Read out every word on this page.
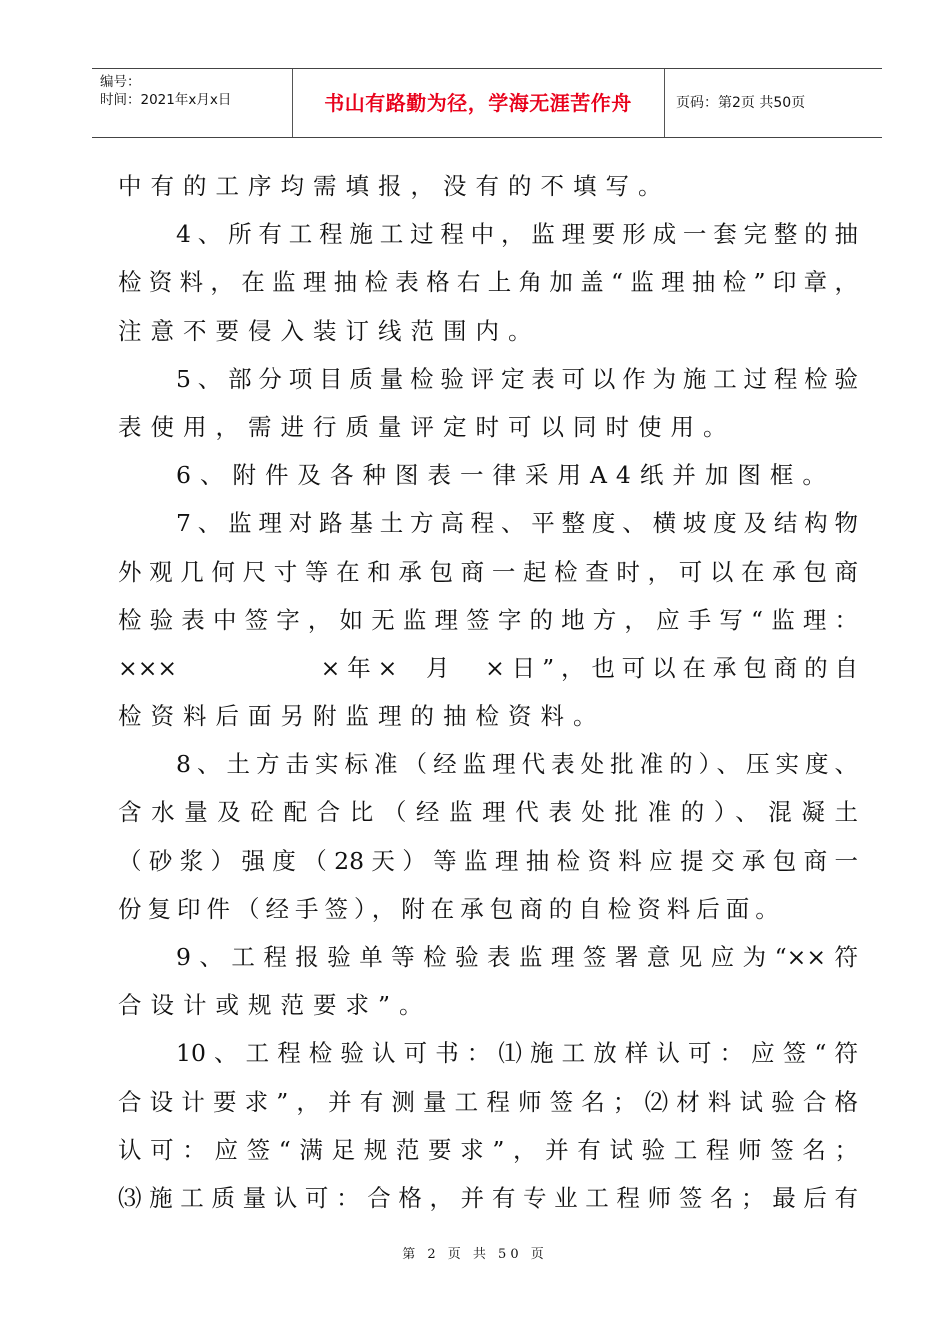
编号：
时间：2021年x月x日	书山有路勤为径，学海无涯苦作舟	页码：第2页 共50页
中有的工序均需填报，没有的不填写。
4、所有工程施工过程中，监理要形成一套完整的抽
检资料，在监理抽检表格右上角加盖“监理抽检”印章，
注意不要侵入装订线范围内。
5、部分项目质量检验评定表可以作为施工过程检验
表使用，需进行质量评定时可以同时使用。
6、附件及各种图表一律采用A4纸并加图框。
7、监理对路基土方高程、平整度、横坡度及结构物
外观几何尺寸等在和承包商一起检查时，可以在承包商
检验表中签字，如无监理签字的地方，应手写“监理：
×××          ×年×  月  ×日”，也可以在承包商的自
检资料后面另附监理的抽检资料。
8、土方击实标准（经监理代表处批准的）、压实度、
含水量及砼配合比（经监理代表处批准的）、混凝土
（砂浆）强度（28天）等监理抽检资料应提交承包商一
份复印件（经手签），附在承包商的自检资料后面。
9、工程报验单等检验表监理签署意见应为“××符
合设计或规范要求”。
10、工程检验认可书：⑴施工放样认可：应签“符
合设计要求”，并有测量工程师签名；⑵材料试验合格
认可：应签“满足规范要求”，并有试验工程师签名；
⑶施工质量认可：合格，并有专业工程师签名；最后有
第 2 页 共 50 页
